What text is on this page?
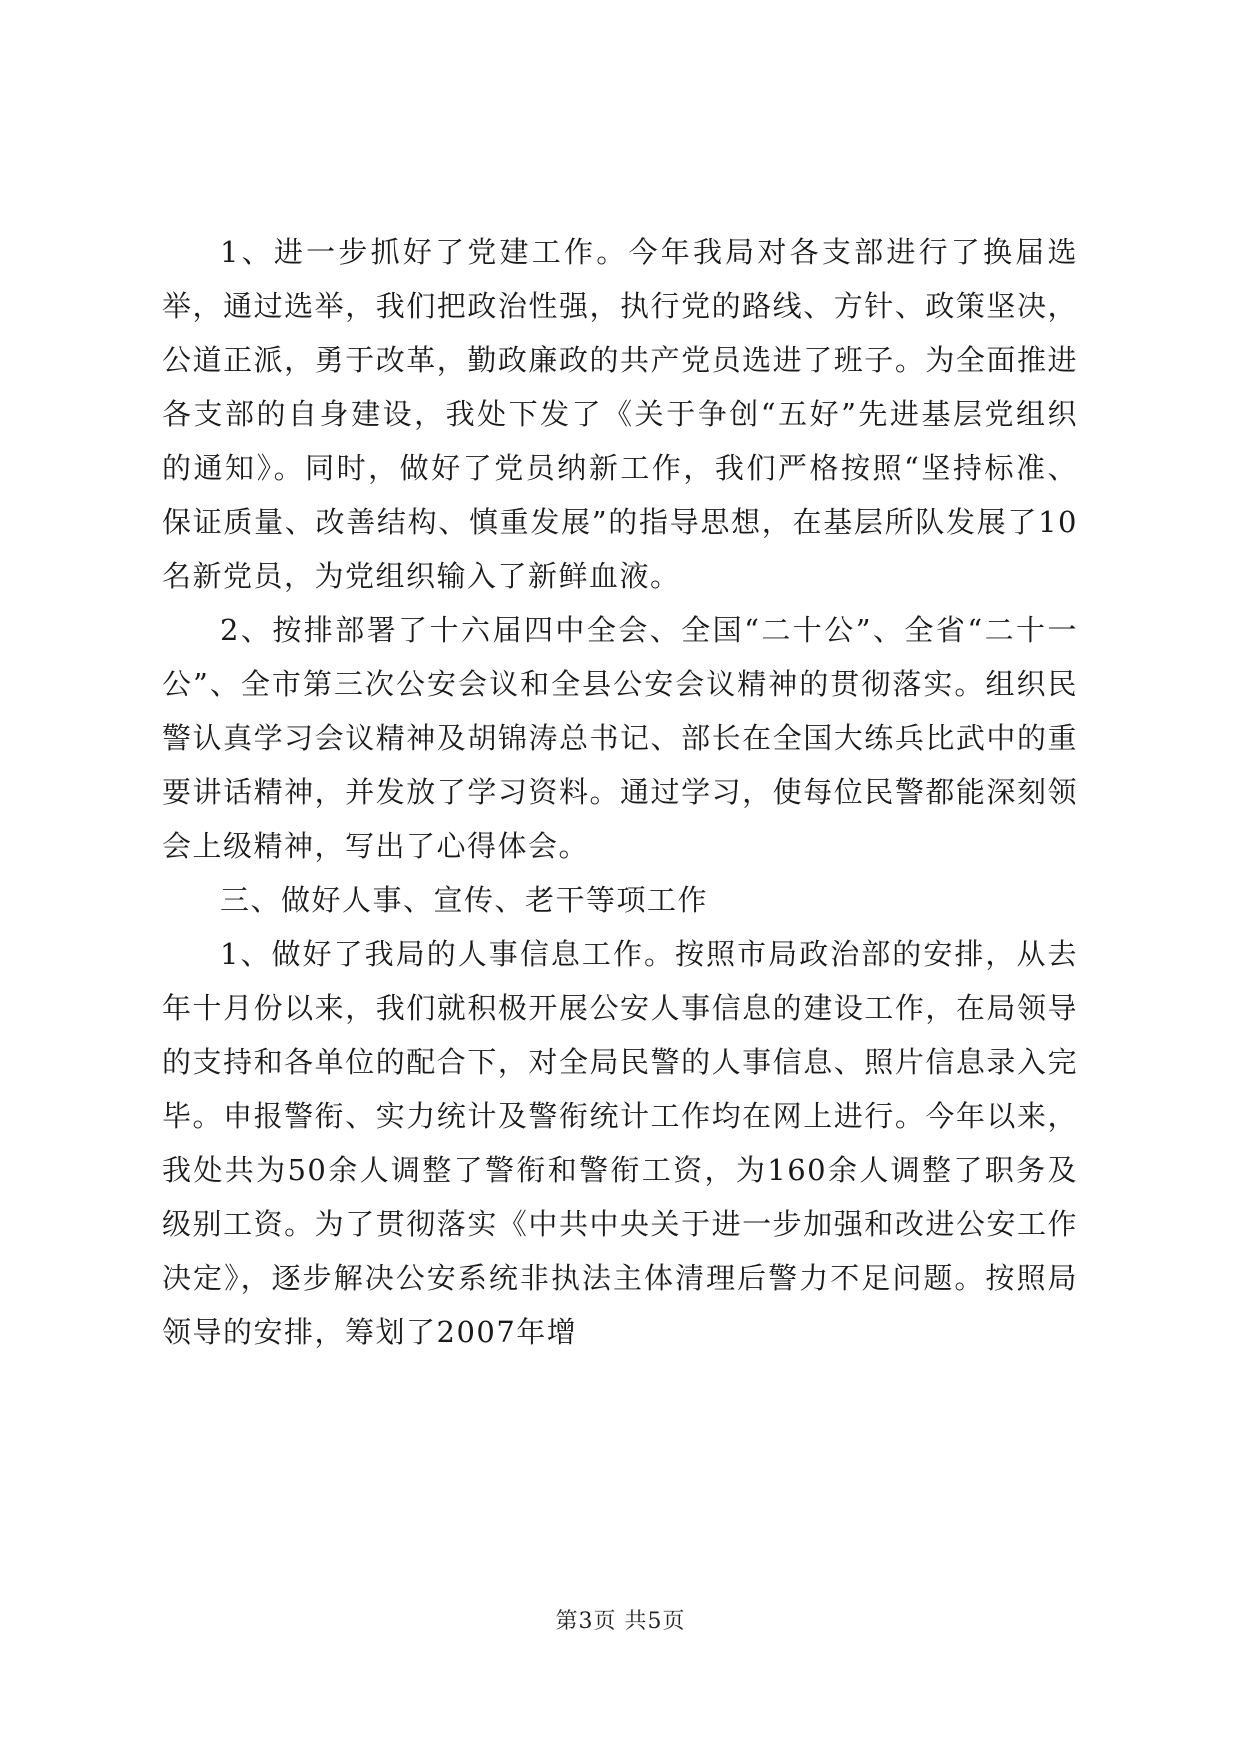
1、进一步抓好了党建工作。今年我局对各支部进行了换届选举，通过选举，我们把政治性强，执行党的路线、方针、政策坚决，公道正派，勇于改革，勤政廉政的共产党员选进了班子。为全面推进各支部的自身建设，我处下发了《关于争创“五好”先进基层党组织的通知》。同时，做好了党员纳新工作，我们严格按照“坚持标准、保证质量、改善结构、慎重发展”的指导思想，在基层所队发展了10名新党员，为党组织输入了新鲜血液。

2、按排部署了十六届四中全会、全国“二十公”、全省“二十一公”、全市第三次公安会议和全县公安会议精神的贯彻落实。组织民警认真学习会议精神及胡锦涛总书记、部长在全国大练兵比武中的重要讲话精神，并发放了学习资料。通过学习，使每位民警都能深刻领会上级精神，写出了心得体会。

三、做好人事、宣传、老干等项工作

1、做好了我局的人事信息工作。按照市局政治部的安排，从去年十月份以来，我们就积极开展公安人事信息的建设工作，在局领导的支持和各单位的配合下，对全局民警的人事信息、照片信息录入完毕。申报警衔、实力统计及警衔统计工作均在网上进行。今年以来，我处共为50余人调整了警衔和警衔工资，为160余人调整了职务及级别工资。为了贯彻落实《中共中央关于进一步加强和改进公安工作决定》，逐步解决公安系统非执法主体清理后警力不足问题。按照局领导的安排，筹划了2007年增

第3页 共5页
